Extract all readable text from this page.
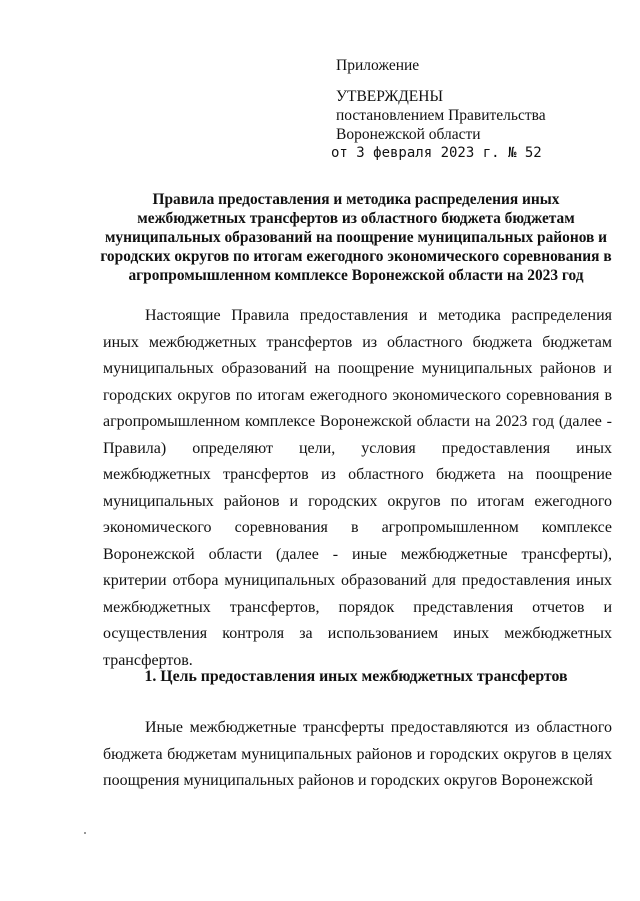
Приложение
УТВЕРЖДЕНЫ
постановлением Правительства
Воронежской области
от 3 февраля 2023 г. № 52
Правила предоставления и методика распределения иных межбюджетных трансфертов из областного бюджета бюджетам муниципальных образований на поощрение муниципальных районов и городских округов по итогам ежегодного экономического соревнования в агропромышленном комплексе Воронежской области на 2023 год
Настоящие Правила предоставления и методика распределения иных межбюджетных трансфертов из областного бюджета бюджетам муниципальных образований на поощрение муниципальных районов и городских округов по итогам ежегодного экономического соревнования в агропромышленном комплексе Воронежской области на 2023 год (далее - Правила) определяют цели, условия предоставления иных межбюджетных трансфертов из областного бюджета на поощрение муниципальных районов и городских округов по итогам ежегодного экономического соревнования в агропромышленном комплексе Воронежской области (далее - иные межбюджетные трансферты), критерии отбора муниципальных образований для предоставления иных межбюджетных трансфертов, порядок представления отчетов и осуществления контроля за использованием иных межбюджетных трансфертов.
1. Цель предоставления иных межбюджетных трансфертов
Иные межбюджетные трансферты предоставляются из областного бюджета бюджетам муниципальных районов и городских округов в целях поощрения муниципальных районов и городских округов Воронежской
